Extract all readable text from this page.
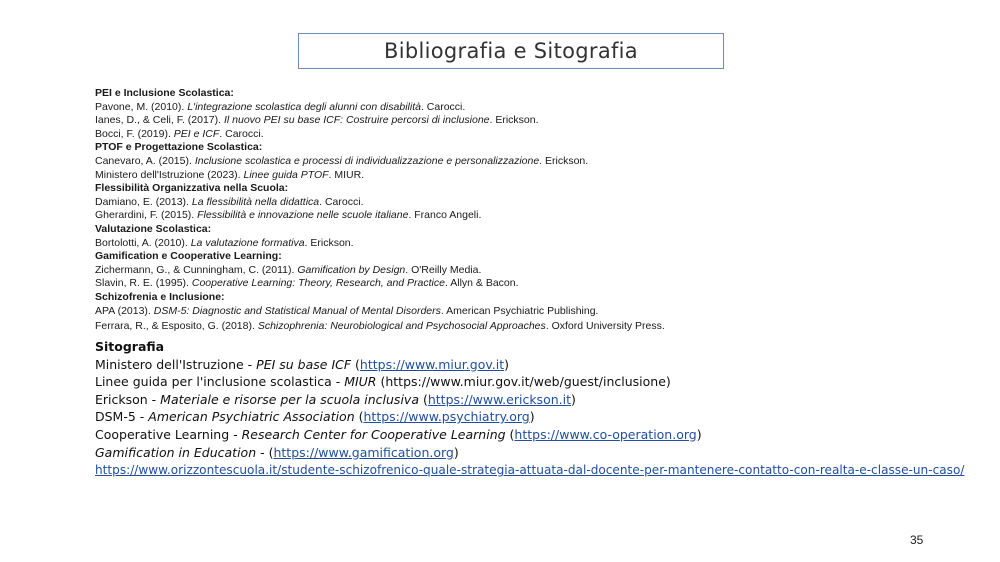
Bibliografia e Sitografia
PEI e Inclusione Scolastica:
Pavone, M. (2010). L'integrazione scolastica degli alunni con disabilità. Carocci.
Ianes, D., & Celi, F. (2017). Il nuovo PEI su base ICF: Costruire percorsi di inclusione. Erickson.
Bocci, F. (2019). PEI e ICF. Carocci.
PTOF e Progettazione Scolastica:
Canevaro, A. (2015). Inclusione scolastica e processi di individualizzazione e personalizzazione. Erickson.
Ministero dell'Istruzione (2023). Linee guida PTOF. MIUR.
Flessibilità Organizzativa nella Scuola:
Damiano, E. (2013). La flessibilità nella didattica. Carocci.
Gherardini, F. (2015). Flessibilità e innovazione nelle scuole italiane. Franco Angeli.
Valutazione Scolastica:
Bortolotti, A. (2010). La valutazione formativa. Erickson.
Gamification e Cooperative Learning:
Zichermann, G., & Cunningham, C. (2011). Gamification by Design. O'Reilly Media.
Slavin, R. E. (1995). Cooperative Learning: Theory, Research, and Practice. Allyn & Bacon.
Schizofrenia e Inclusione:
APA (2013). DSM-5: Diagnostic and Statistical Manual of Mental Disorders. American Psychiatric Publishing.
Ferrara, R., & Esposito, G. (2018). Schizophrenia: Neurobiological and Psychosocial Approaches. Oxford University Press.
Sitografia
Ministero dell'Istruzione - PEI su base ICF (https://www.miur.gov.it)
Linee guida per l'inclusione scolastica - MIUR (https://www.miur.gov.it/web/guest/inclusione)
Erickson - Materiale e risorse per la scuola inclusiva (https://www.erickson.it)
DSM-5 - American Psychiatric Association (https://www.psychiatry.org)
Cooperative Learning - Research Center for Cooperative Learning (https://www.co-operation.org)
Gamification in Education - (https://www.gamification.org)
https://www.orizzontescuola.it/studente-schizofrenico-quale-strategia-attuata-dal-docente-per-mantenere-contatto-con-realta-e-classe-un-caso/
35
